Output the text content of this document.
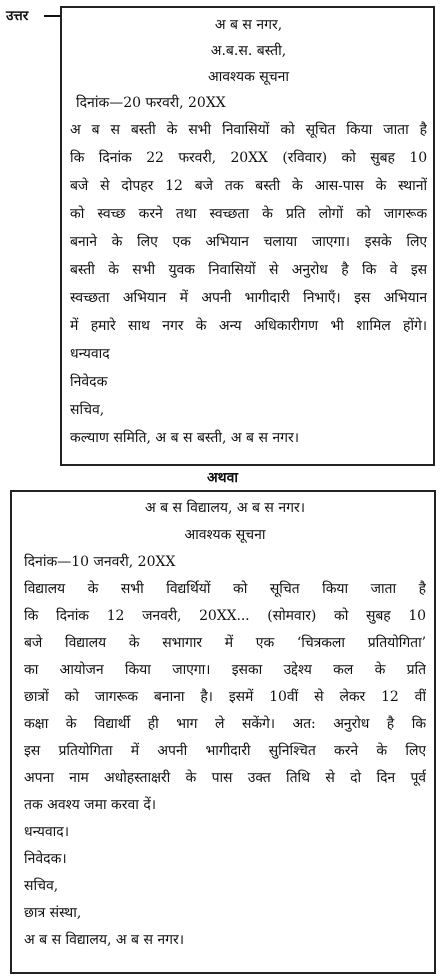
उत्तर
अ ब स नगर,
अ.ब.स. बस्ती,
आवश्यक सूचना
दिनांक—20 फरवरी, 20XX
अ ब स बस्ती के सभी निवासियों को सूचित किया जाता है
कि दिनांक 22 फरवरी, 20XX (रविवार) को सुबह 10
बजे से दोपहर 12 बजे तक बस्ती के आस-पास के स्थानों
को स्वच्छ करने तथा स्वच्छता के प्रति लोगों को जागरूक
बनाने के लिए एक अभियान चलाया जाएगा। इसके लिए
बस्ती के सभी युवक निवासियों से अनुरोध है कि वे इस
स्वच्छता अभियान में अपनी भागीदारी निभाएँ। इस अभियान
में हमारे साथ नगर के अन्य अधिकारीगण भी शामिल होंगे।
धन्यवाद
निवेदक
सचिव,
कल्याण समिति, अ ब स बस्ती, अ ब स नगर।
अथवा
अ ब स विद्यालय, अ ब स नगर।
आवश्यक सूचना
दिनांक—10 जनवरी, 20XX
विद्यालय के सभी विद्यर्थियों को सूचित किया जाता है
कि दिनांक 12 जनवरी, 20XX... (सोमवार) को सुबह 10
बजे विद्यालय के सभागार में एक ‘चित्रकला प्रतियोगिता’
का आयोजन किया जाएगा। इसका उद्देश्य कल के प्रति
छात्रों को जागरूक बनाना है। इसमें 10वीं से लेकर 12 वीं
कक्षा के विद्यार्थी ही भाग ले सकेंगे। अत: अनुरोध है कि
इस प्रतियोगिता में अपनी भागीदारी सुनिश्चित करने के लिए
अपना नाम अधोहस्ताक्षरी के पास उक्त तिथि से दो दिन पूर्व
तक अवश्य जमा करवा दें।
धन्यवाद।
निवेदक।
सचिव,
छात्र संस्था,
अ ब स विद्यालय, अ ब स नगर।
